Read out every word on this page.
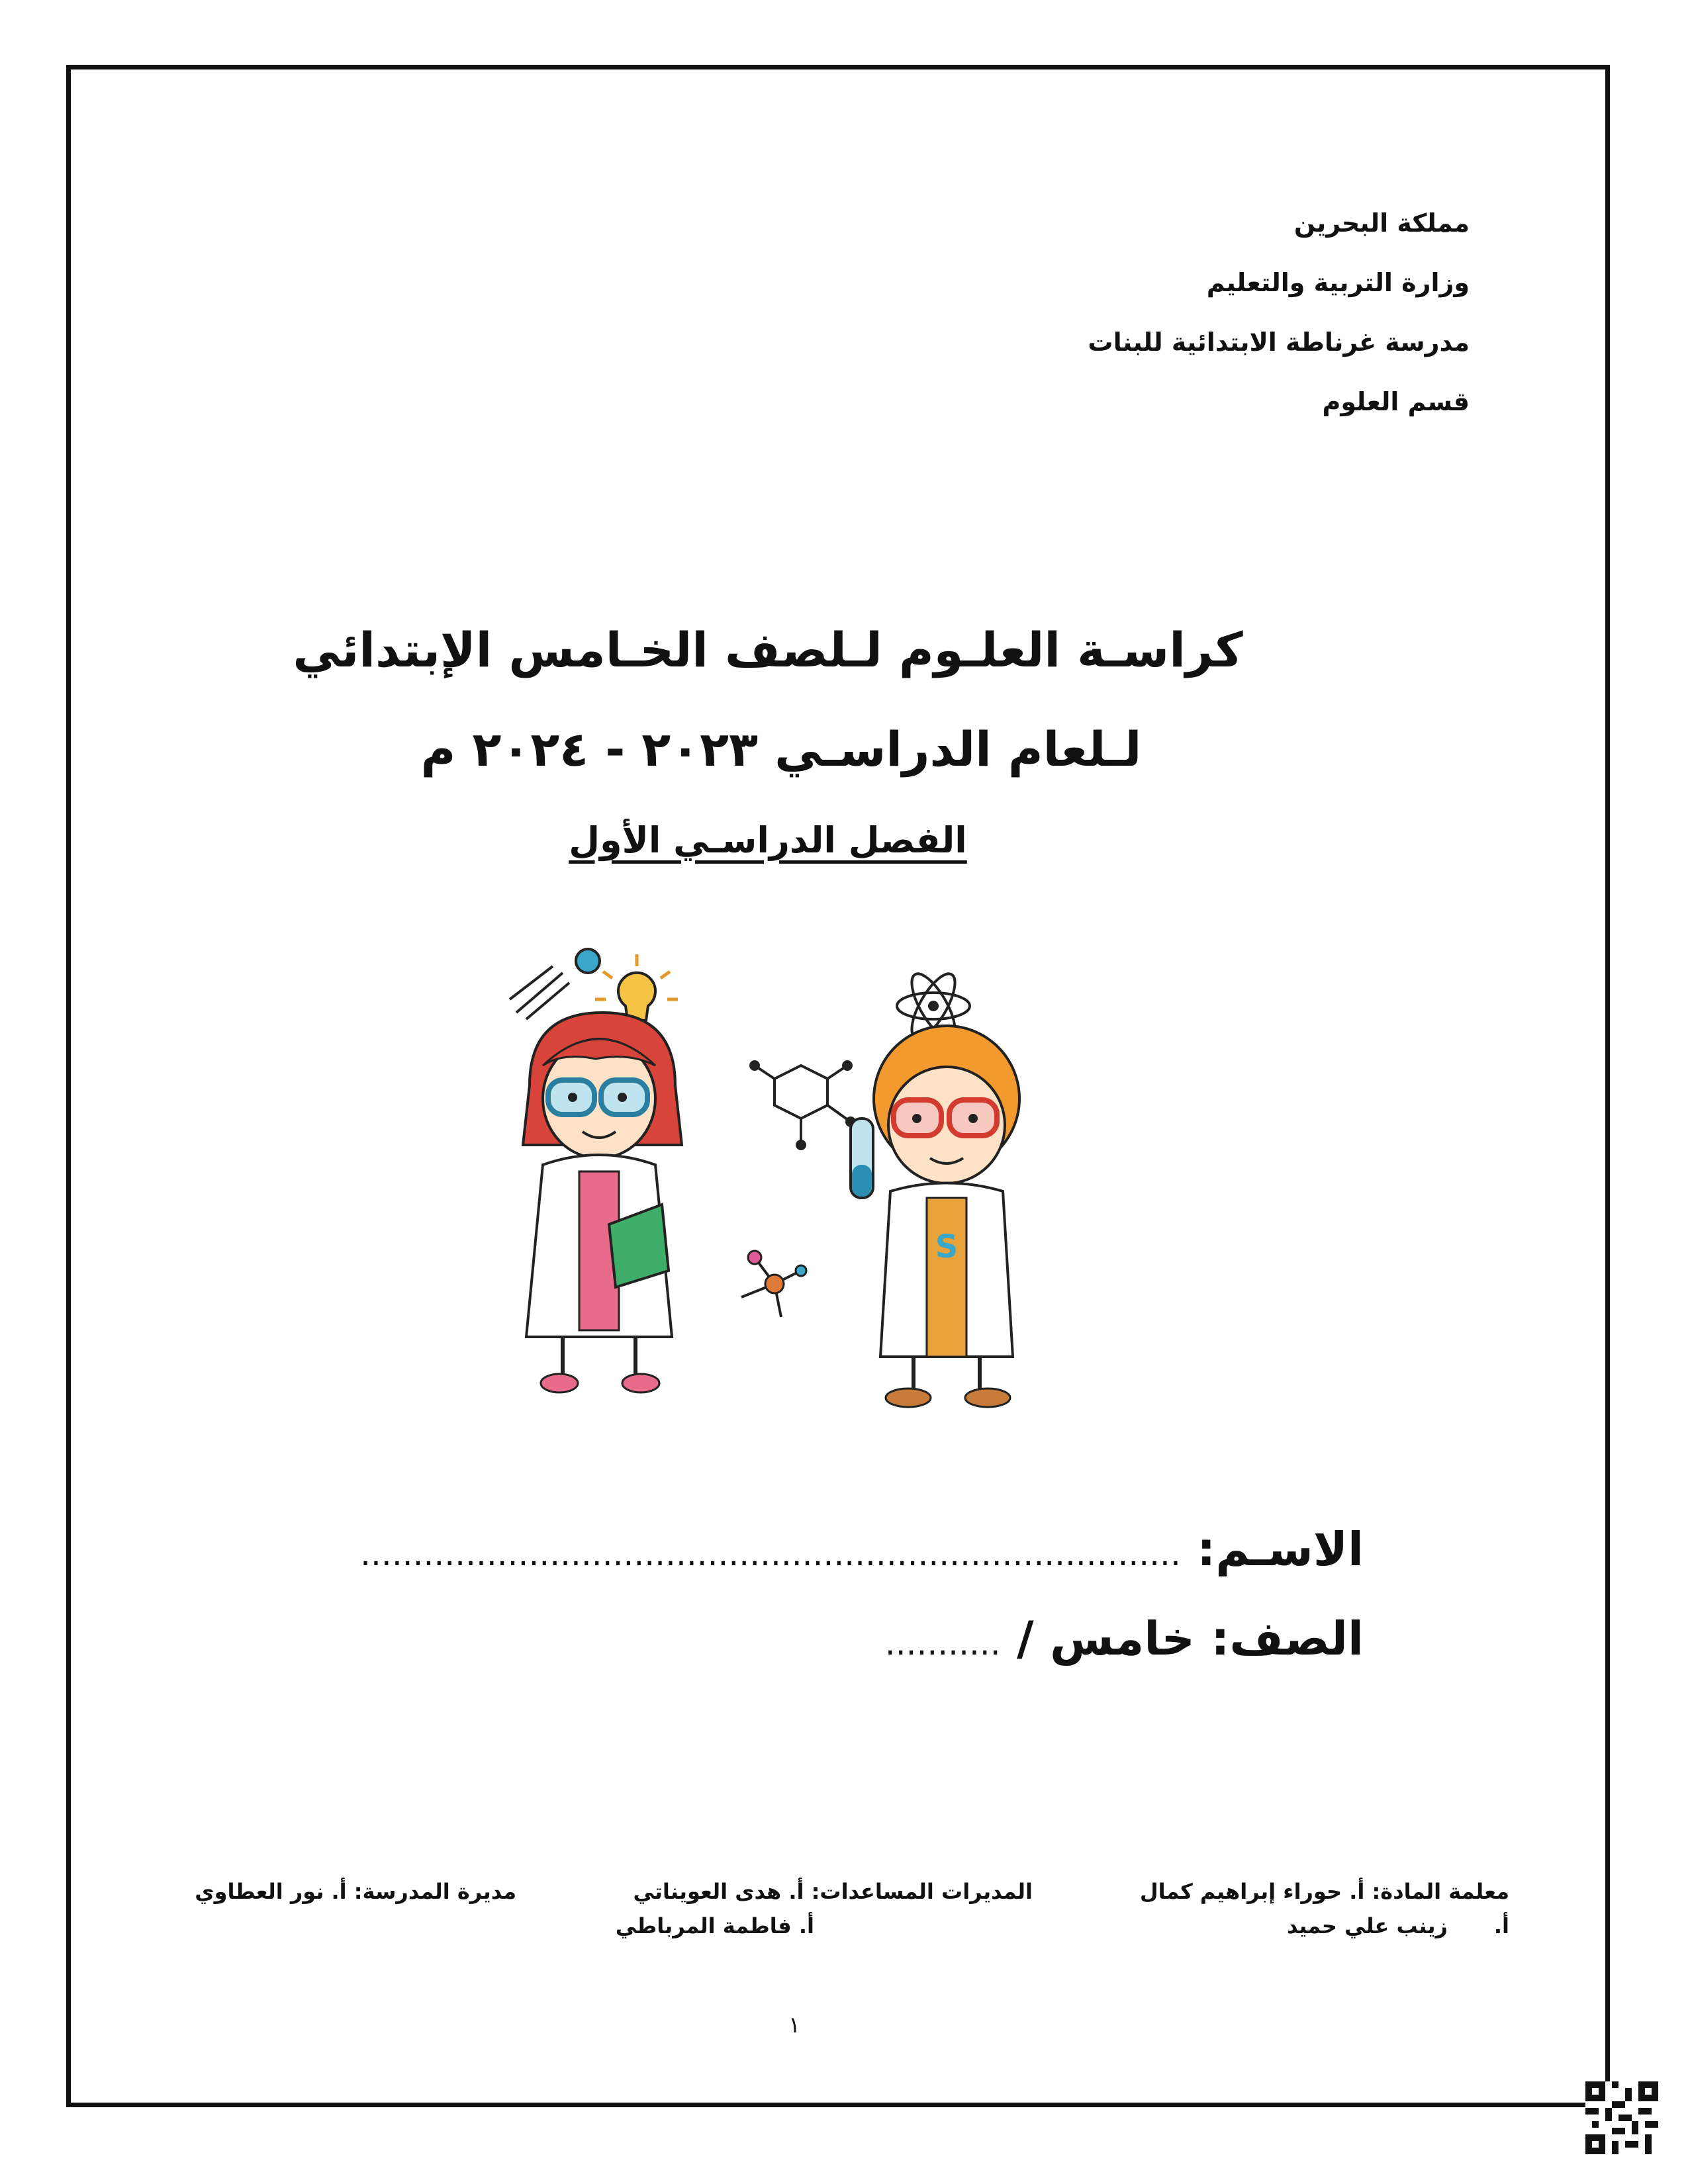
مملكة البحرين
وزارة التربية والتعليم
مدرسة غرناطة الابتدائية للبنات
قسم العلوم
كراسـة العلـوم لـلصف الخـامس الإبتدائي
لـلعام الدراسـي ٢٠٢٣ - ٢٠٢٤ م
الفصل الدراسـي الأول
S
الاسـم: ..............................................................................
الصف: خامس / ...........
معلمة المادة: أ. حوراء إبراهيم كمال
أ.زينب علي حميد
المديرات المساعدات: أ. هدى العويناتي
أ. فاطمة المرباطي
مديرة المدرسة: أ. نور العطاوي
١
